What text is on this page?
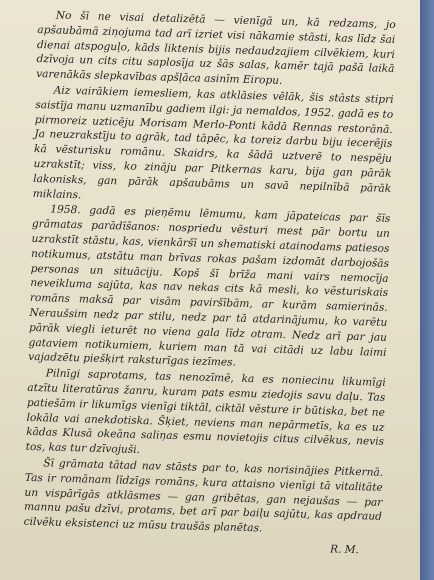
No šī ne visai detalizētā — vienīgā un, kā redzams, jo apšaubāmā ziņojuma tad arī izriet visi nākamie stāsti, kas līdz šai dienai atspoguļo, kāds liktenis bijis nedaudzajiem cilvēkiem, kuri dzīvoja un cits citu saplosīja uz šās salas, kamēr tajā pašā laikā varenākās slepkavības apšļāca asinīm Eiropu.

Aiz vairākiem iemesliem, kas atklāsies vēlāk, šis stāsts stipri saistīja manu uzmanību gadiem ilgi: ja nemaldos, 1952. gadā es to pirmoreiz uzticēju Morisam Merlo-Ponti kādā Rennas restorānā. Ja neuzrakstīju to agrāk, tad tāpēc, ka toreiz darbu biju iecerējis kā vēsturisku romānu. Skaidrs, ka šādā uztverē to nespēju uzrakstīt; viss, ko zināju par Pitkernas karu, bija gan pārāk lakonisks, gan pārāk apšaubāms un savā nepilnībā pārāk miklains.

1958. gadā es pieņēmu lēmumu, kam jāpateicas par šīs grāmatas parādīšanos: nospriedu vēsturi mest pār bortu un uzrakstīt stāstu, kas, vienkāršī un shematiski atainodams patiesos notikumus, atstātu man brīvas rokas pašam izdomāt darbojošās personas un situāciju. Kopš šī brīža mani vairs nemocīja neveikluma sajūta, kas nav nekas cits kā mesli, ko vēsturiskais romāns maksā par visām paviršībām, ar kurām samierinās. Neraušsim nedz par stilu, nedz par tā atdarinājumu, ko varētu pārāk viegli ieturēt no viena gala līdz otram. Nedz arī par jau gataviem notikumiem, kuriem man tā vai citādi uz labu laimi vajadzētu piešķirt raksturīgas iezīmes.

Pilnīgi saprotams, tas nenozīmē, ka es noniecinu likumīgi atzītu literatūras žanru, kuram pats esmu ziedojis savu daļu. Tas patiešām ir likumīgs vienīgi tiktāl, ciktāl vēsture ir būtiska, bet ne lokāla vai anekdotiska. Šķiet, neviens man nepārmetīs, ka es uz kādas Klusā okeāna saliņas esmu novietojis citus cilvēkus, nevis tos, kas tur dzīvojuši.

Šī grāmata tātad nav stāsts par to, kas norisinājies Pitkernā. Tas ir romānam līdzīgs romāns, kura attaisno vienīgi tā vitalitāte un vispārīgās atklāsmes — gan gribētas, gan nejaušas — par mannu pašu dzīvi, protams, bet arī par baiļu sajūtu, kas apdraud cilvēku eksistenci uz mūsu traušās planētas.

R. M.
